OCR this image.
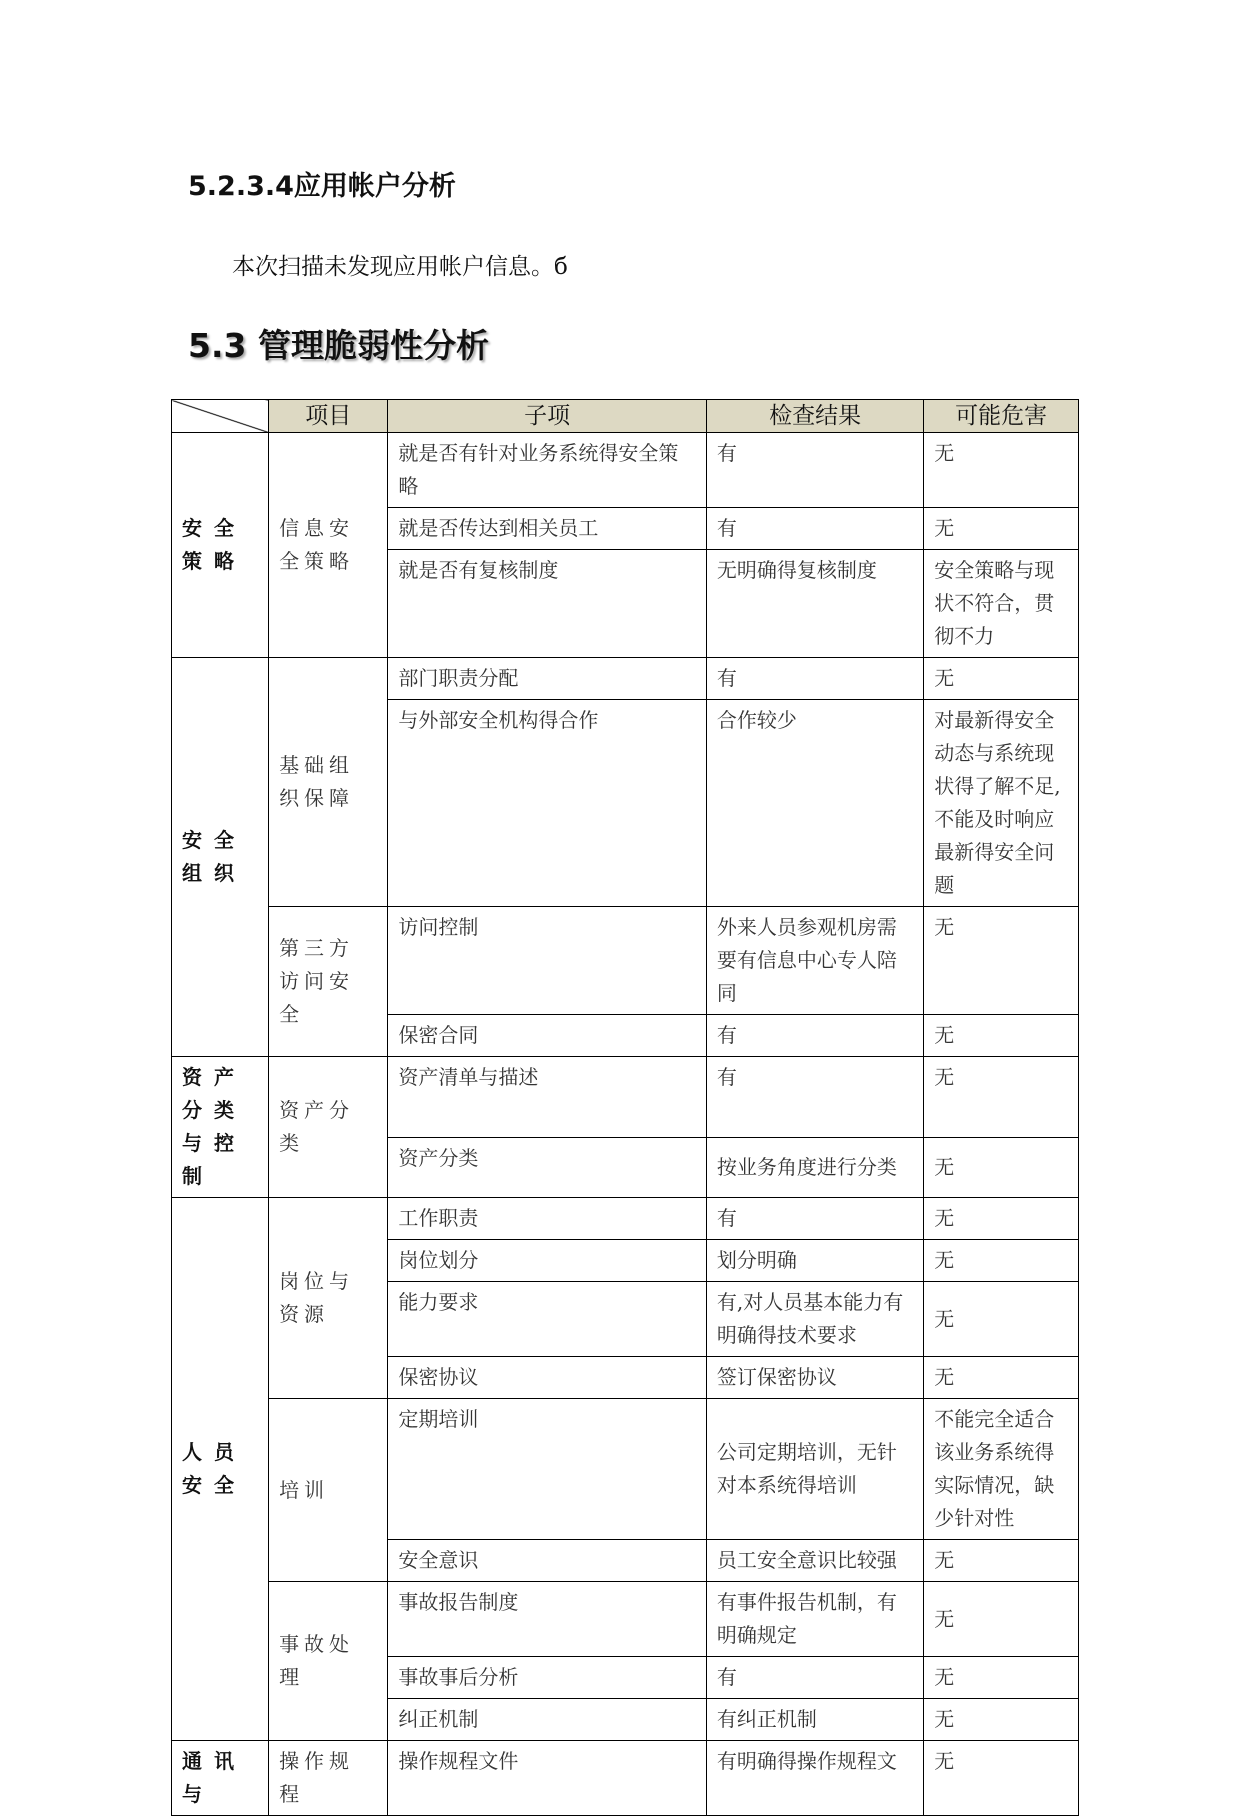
5.2.3.4应用帐户分析

本次扫描未发现应用帐户信息。б

5.3 管理脆弱性分析
	项目	子项	检查结果	可能危害
安全策略	信息安全策略	就是否有针对业务系统得安全策略	有	无
		就是否传达到相关员工	有	无
		就是否有复核制度	无明确得复核制度	安全策略与现状不符合，贯彻不力
安全组织	基础组织保障	部门职责分配	有	无
		与外部安全机构得合作	合作较少	对最新得安全动态与系统现状得了解不足,不能及时响应最新得安全问题
	第三方访问安全	访问控制	外来人员参观机房需要有信息中心专人陪同	无
		保密合同	有	无
资产分类与控制	资产分类	资产清单与描述	有	无
		资产分类	按业务角度进行分类	无
人员安全	岗位与资源	工作职责	有	无
		岗位划分	划分明确	无
		能力要求	有,对人员基本能力有明确得技术要求	无
		保密协议	签订保密协议	无
	培训	定期培训	公司定期培训，无针对本系统得培训	不能完全适合该业务系统得实际情况，缺少针对性
		安全意识	员工安全意识比较强	无
	事故处理	事故报告制度	有事件报告机制，有明确规定	无
		事故事后分析	有	无
		纠正机制	有纠正机制	无
通讯与	操作规程	操作规程文件	有明确得操作规程文	无
